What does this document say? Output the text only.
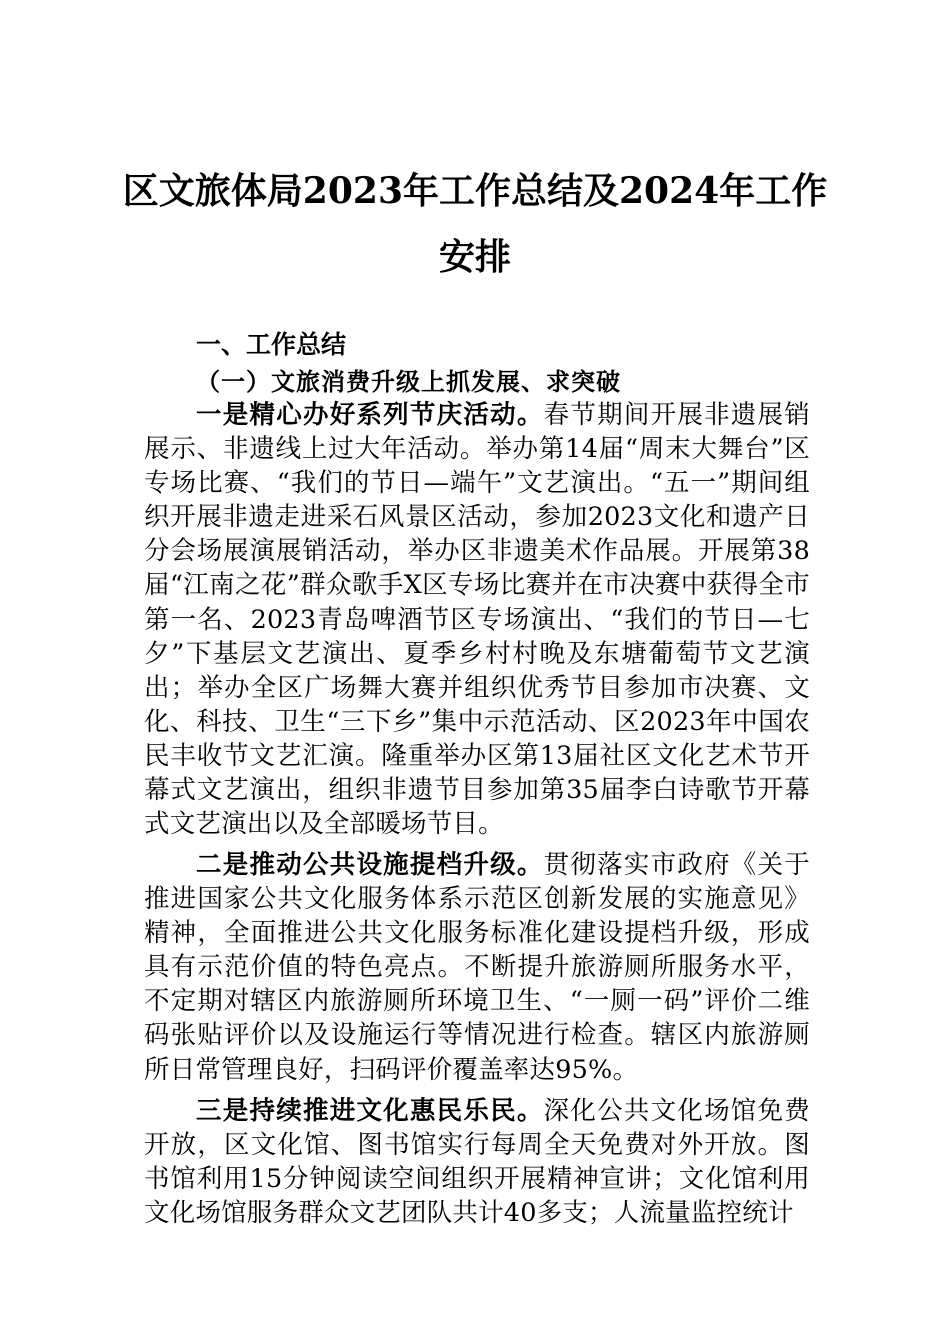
区文旅体局2023年工作总结及2024年工作安排
一、工作总结
（一）文旅消费升级上抓发展、求突破

一是精心办好系列节庆活动。春节期间开展非遗展销展示、非遗线上过大年活动。举办第14届“周末大舞台”区专场比赛、“我们的节日—端午”文艺演出。“五一”期间组织开展非遗走进采石风景区活动，参加2023文化和遗产日分会场展演展销活动，举办区非遗美术作品展。开展第38届“江南之花”群众歌手X区专场比赛并在市决赛中获得全市第一名、2023青岛啤酒节区专场演出、“我们的节日—七夕”下基层文艺演出、夏季乡村村晚及东塘葡萄节文艺演出；举办全区广场舞大赛并组织优秀节目参加市决赛、文化、科技、卫生“三下乡”集中示范活动、区2023年中国农民丰收节文艺汇演。隆重举办区第13届社区文化艺术节开幕式文艺演出，组织非遗节目参加第35届李白诗歌节开幕式文艺演出以及全部暖场节目。

二是推动公共设施提档升级。贯彻落实市政府《关于推进国家公共文化服务体系示范区创新发展的实施意见》精神，全面推进公共文化服务标准化建设提档升级，形成具有示范价值的特色亮点。不断提升旅游厕所服务水平，不定期对辖区内旅游厕所环境卫生、“一厕一码”评价二维码张贴评价以及设施运行等情况进行检查。辖区内旅游厕所日常管理良好，扫码评价覆盖率达95%。

三是持续推进文化惠民乐民。深化公共文化场馆免费开放，区文化馆、图书馆实行每周全天免费对外开放。图书馆利用15分钟阅读空间组织开展精神宣讲；文化馆利用文化场馆服务群众文艺团队共计40多支；人流量监控统计
